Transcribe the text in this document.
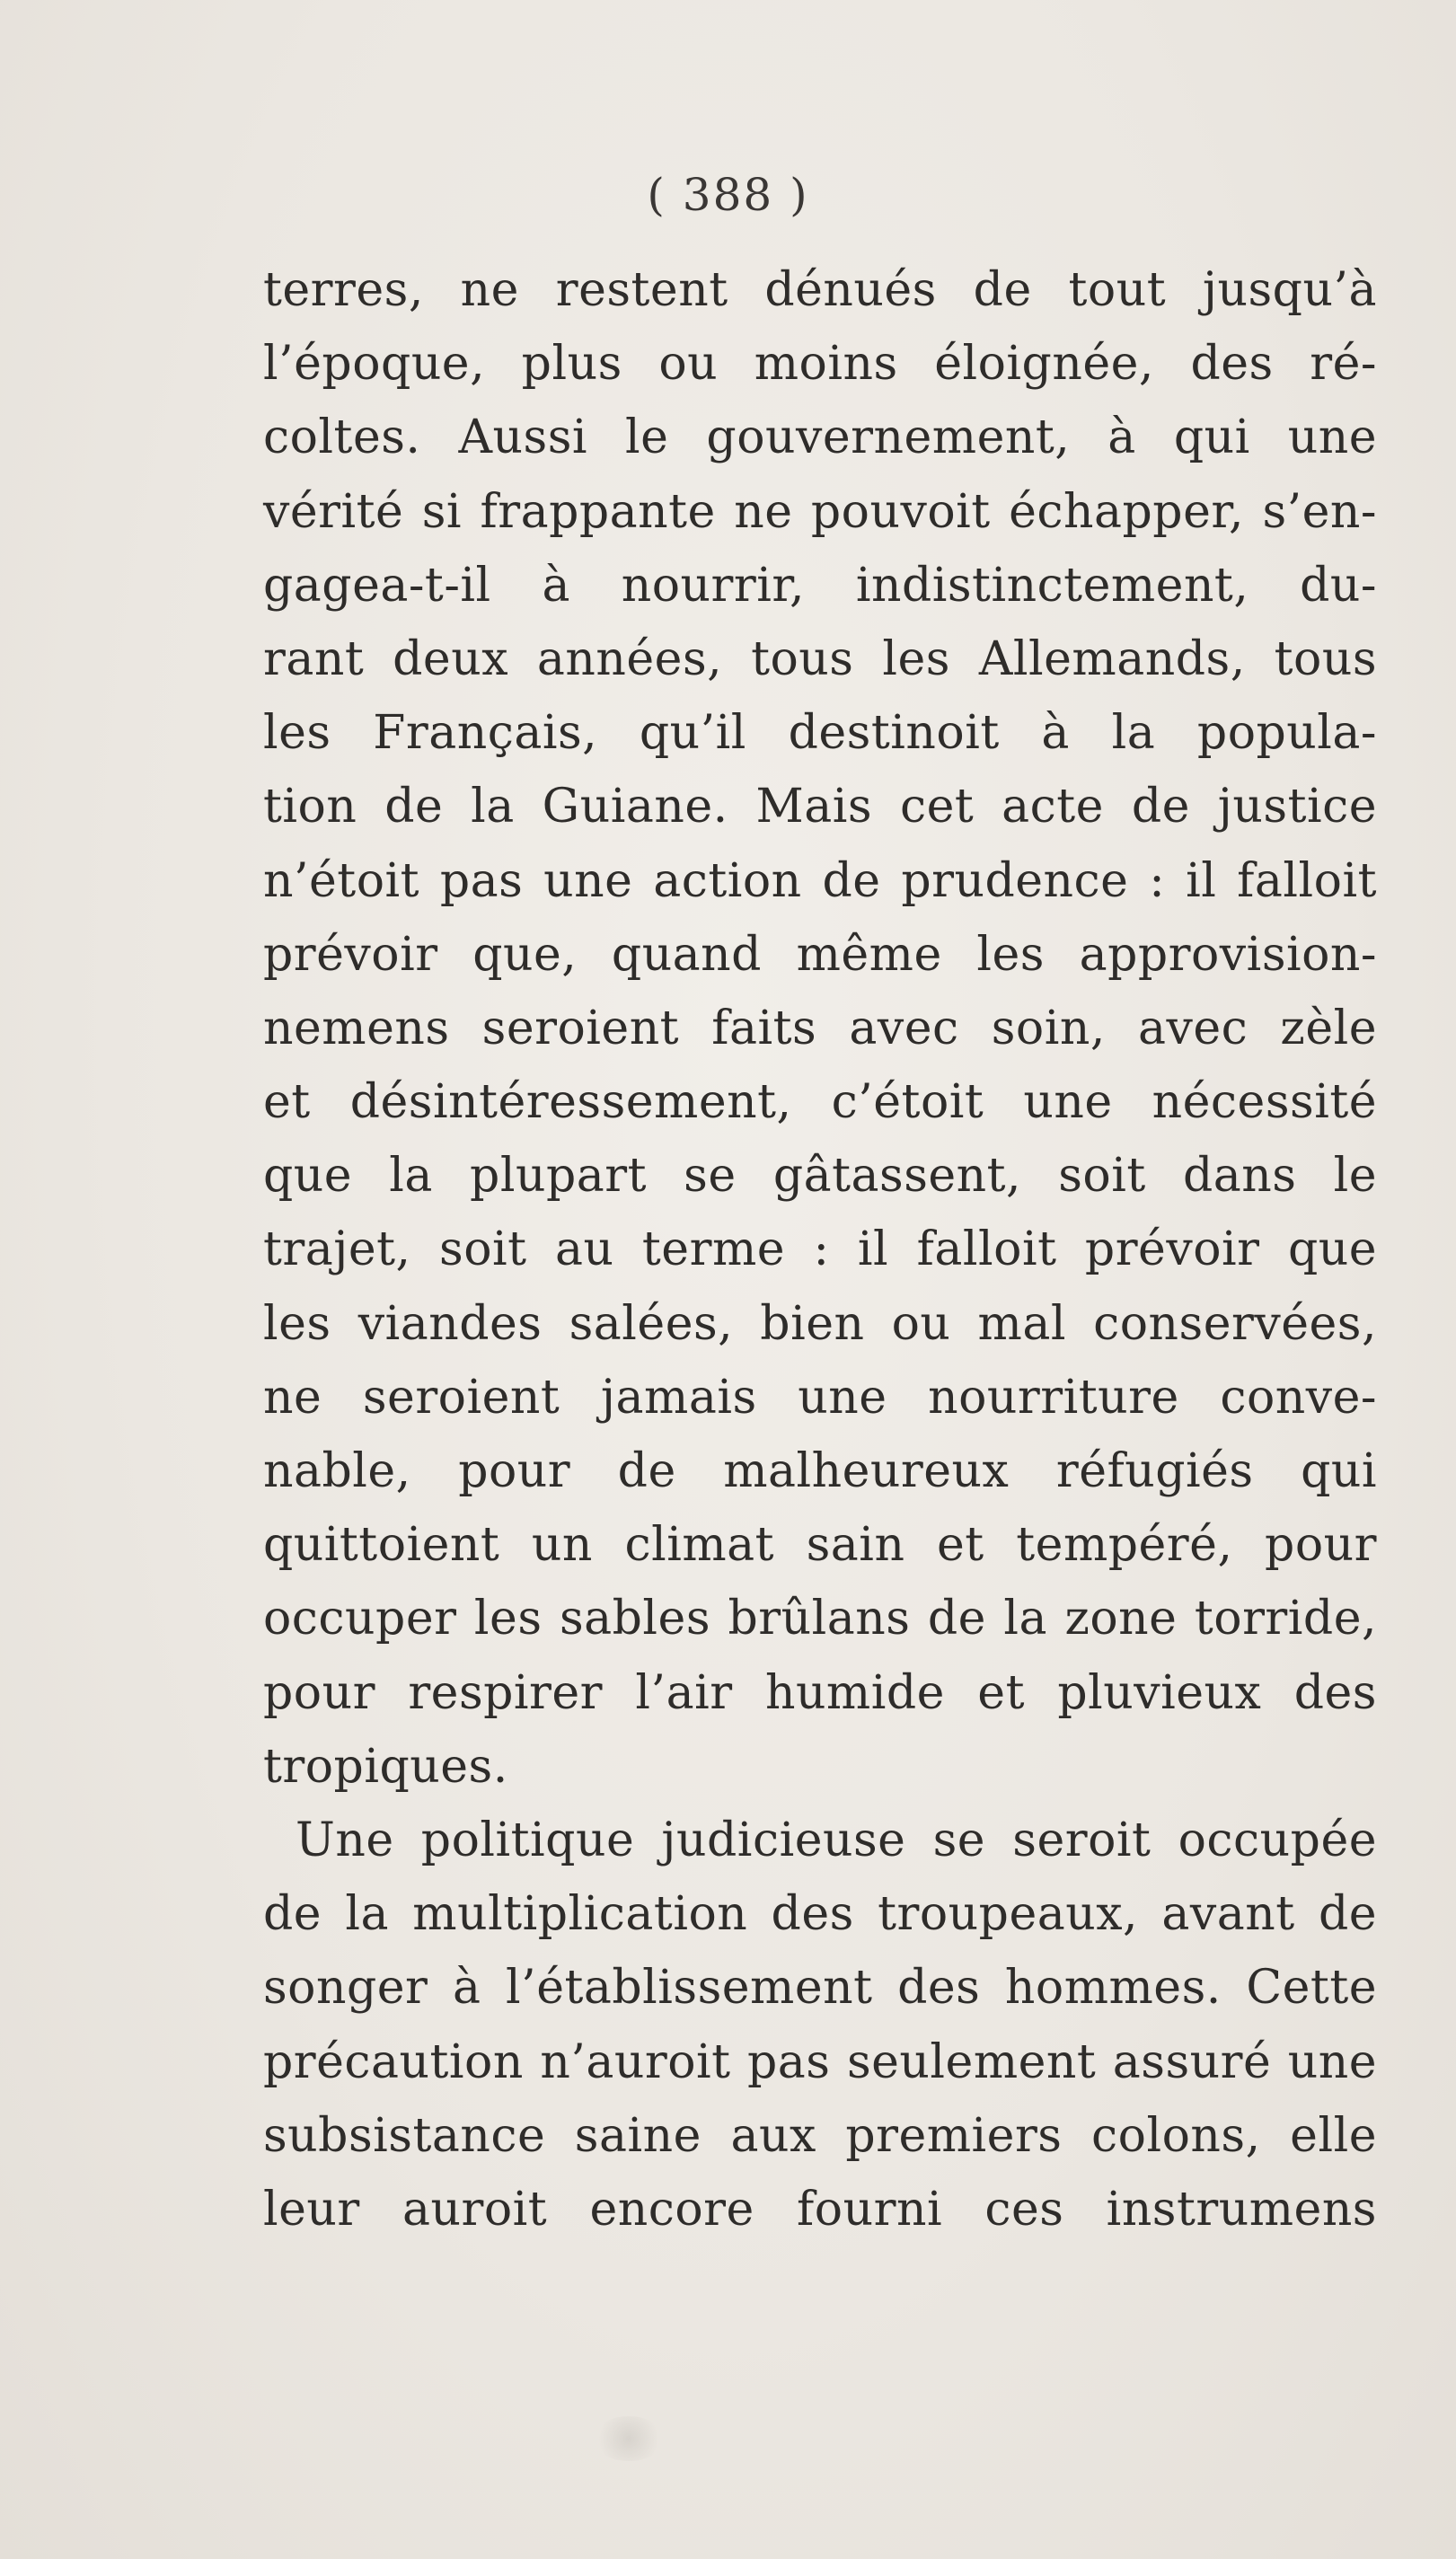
( 388 )
terres, ne restent dénués de tout jusqu’à
l’époque, plus ou moins éloignée, des ré-
coltes. Aussi le gouvernement, à qui une
vérité si frappante ne pouvoit échapper, s’en-
gagea-t-il à nourrir, indistinctement, du-
rant deux années, tous les Allemands, tous
les Français, qu’il destinoit à la popula-
tion de la Guiane. Mais cet acte de justice
n’étoit pas une action de prudence : il falloit
prévoir que, quand même les approvision-
nemens seroient faits avec soin, avec zèle
et désintéressement, c’étoit une nécessité
que la plupart se gâtassent, soit dans le
trajet, soit au terme : il falloit prévoir que
les viandes salées, bien ou mal conservées,
ne seroient jamais une nourriture conve-
nable, pour de malheureux réfugiés qui
quittoient un climat sain et tempéré, pour
occuper les sables brûlans de la zone torride,
pour respirer l’air humide et pluvieux des
tropiques.
Une politique judicieuse se seroit occupée
de la multiplication des troupeaux, avant de
songer à l’établissement des hommes. Cette
précaution n’auroit pas seulement assuré une
subsistance saine aux premiers colons, elle
leur auroit encore fourni ces instrumens
